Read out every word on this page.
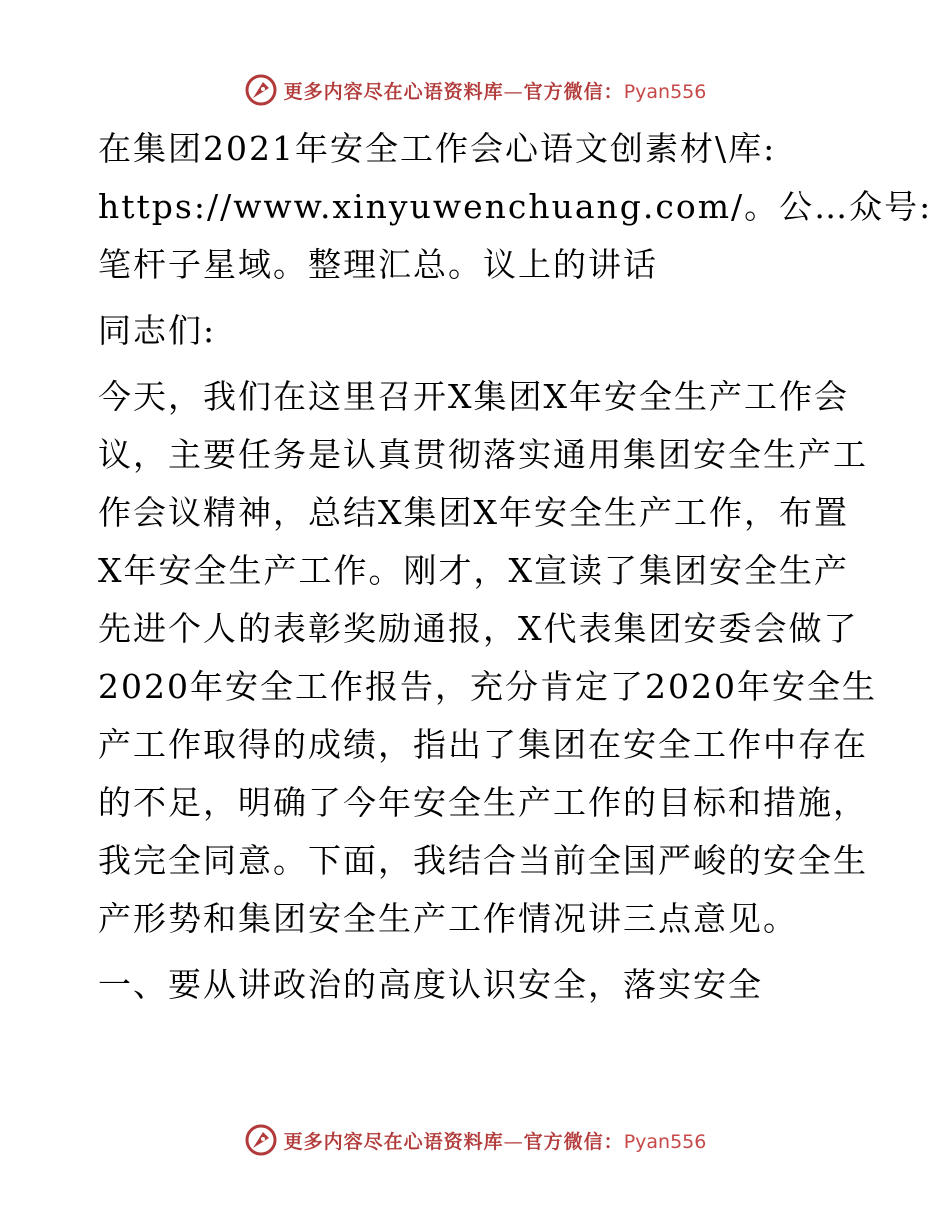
更多内容尽在心语资料库—官方微信：Pyan556
在集团2021年安全工作会心语文创素材\库:
https://www.xinyuwenchuang.com/。公…众号:
笔杆子星域。整理汇总。议上的讲话
同志们:
今天，我们在这里召开X集团X年安全生产工作会
议，主要任务是认真贯彻落实通用集团安全生产工
作会议精神，总结X集团X年安全生产工作，布置
X年安全生产工作。刚才，X宣读了集团安全生产
先进个人的表彰奖励通报，X代表集团安委会做了
2020年安全工作报告，充分肯定了2020年安全生
产工作取得的成绩，指出了集团在安全工作中存在
的不足，明确了今年安全生产工作的目标和措施，
我完全同意。下面，我结合当前全国严峻的安全生
产形势和集团安全生产工作情况讲三点意见。
一、要从讲政治的高度认识安全，落实安全
更多内容尽在心语资料库—官方微信：Pyan556
